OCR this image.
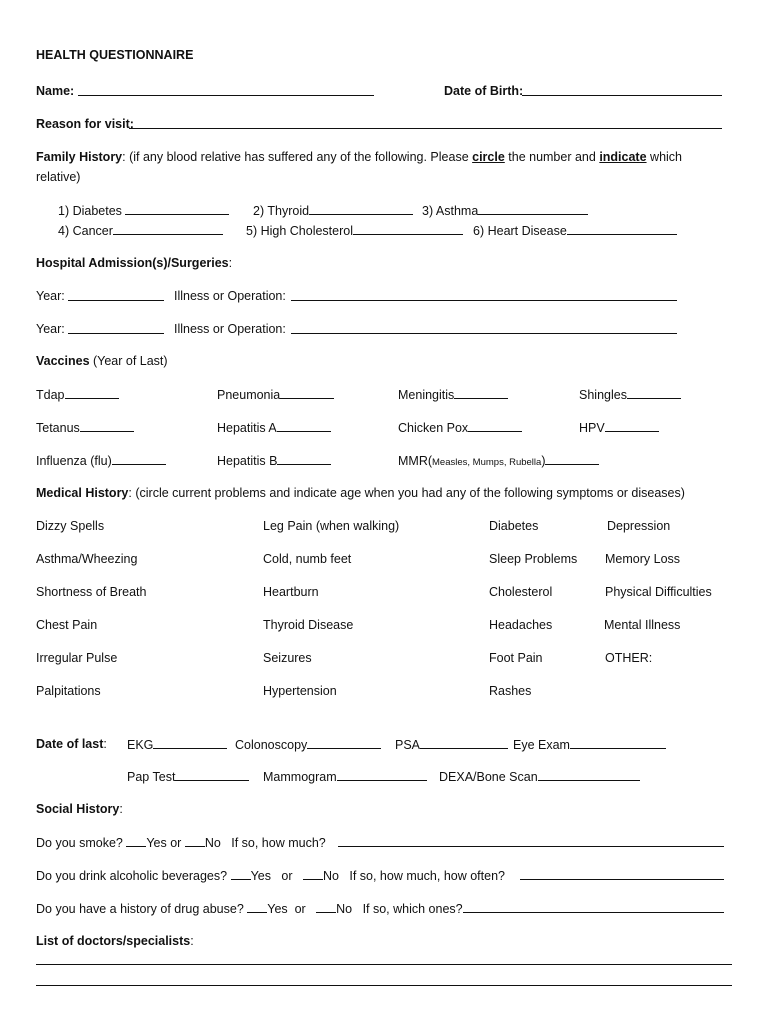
HEALTH QUESTIONNAIRE
Name:	Date of Birth:
Reason for visit:
Family History: (if any blood relative has suffered any of the following. Please circle the number and indicate which
relative)
1) Diabetes	2) Thyroid	3) Asthma
4) Cancer	5) High Cholesterol	6) Heart Disease
Hospital Admission(s)/Surgeries:
Year:	Illness or Operation:
Year:	Illness or Operation:
Vaccines (Year of Last)
Tdap	Pneumonia	Meningitis	Shingles
Tetanus	Hepatitis A	Chicken Pox	HPV
Influenza (flu)	Hepatitis B	MMR(Measles, Mumps, Rubella)
Medical History: (circle current problems and indicate age when you had any of the following symptoms or diseases)
Dizzy Spells	Leg Pain (when walking)	Diabetes	Depression
Asthma/Wheezing	Cold, numb feet	Sleep Problems Memory Loss
Shortness of Breath	Heartburn	Cholesterol	Physical Difficulties
Chest Pain	Thyroid Disease	Headaches	Mental Illness
Irregular Pulse	Seizures	Foot Pain	OTHER:
Palpitations	Hypertension	Rashes
Date of last: EKG	Colonoscopy	PSA	Eye Exam
Pap Test	Mammogram	DEXA/Bone Scan
Social History:
Do you smoke? Yes or No If so, how much?
Do you drink alcoholic beverages? Yes or No If so, how much, how often?
Do you have a history of drug abuse? Yes or No If so, which ones?
List of doctors/specialists:
